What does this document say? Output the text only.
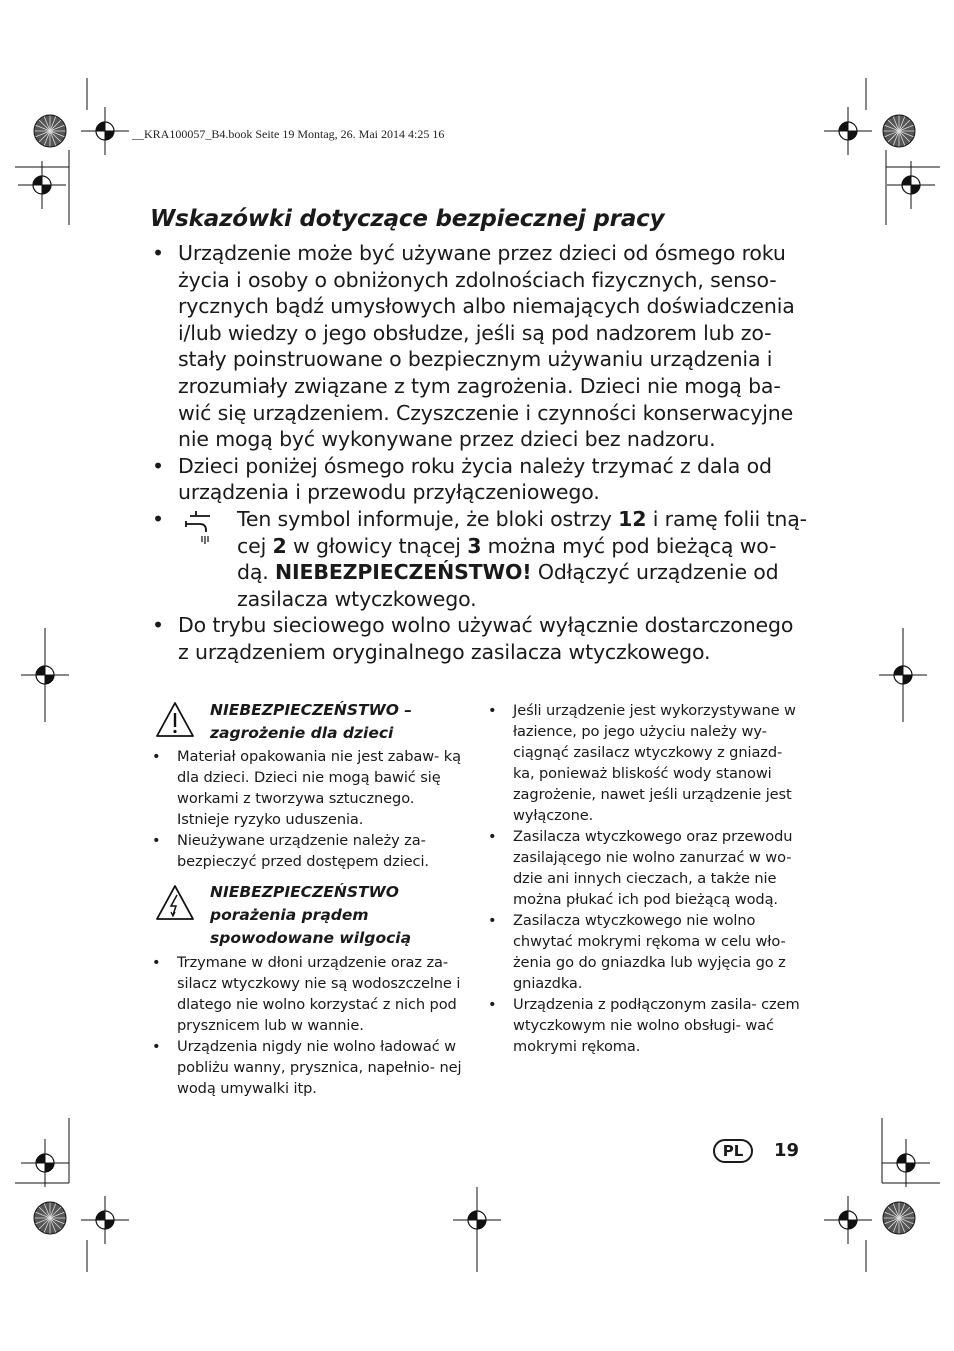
__KRA100057_B4.book Seite 19 Montag, 26. Mai 2014 4:25 16
Wskazówki dotyczące bezpiecznej pracy
• Urządzenie może być używane przez dzieci od ósmego roku życia i osoby o obniżonych zdolnościach fizycznych, senso- rycznych bądź umysłowych albo niemających doświadczenia i/lub wiedzy o jego obsłudze, jeśli są pod nadzorem lub zo- stały poinstruowane o bezpiecznym używaniu urządzenia i zrozumiały związane z tym zagrożenia. Dzieci nie mogą ba- wić się urządzeniem. Czyszczenie i czynności konserwacyjne nie mogą być wykonywane przez dzieci bez nadzoru.
• Dzieci poniżej ósmego roku życia należy trzymać z dala od urządzenia i przewodu przyłączeniowego.
•	Ten symbol informuje, że bloki ostrzy 12 i ramę folii tną- cej 2 w głowicy tnącej 3 można myć pod bieżącą wo- dą. NIEBEZPIECZEŃSTWO! Odłączyć urządzenie od zasilacza wtyczkowego.
• Do trybu sieciowego wolno używać wyłącznie dostarczonego z urządzeniem oryginalnego zasilacza wtyczkowego.
NIEBEZPIECZEŃSTWO –
zagrożenie dla dzieci
• Materiał opakowania nie jest zabaw- ką dla dzieci. Dzieci nie mogą bawić się workami z tworzywa sztucznego. Istnieje ryzyko uduszenia.
• Nieużywane urządzenie należy za- bezpieczyć przed dostępem dzieci.
NIEBEZPIECZEŃSTWO
porażenia prądem
spowodowane wilgocią
• Trzymane w dłoni urządzenie oraz za- silacz wtyczkowy nie są wodoszczelne i dlatego nie wolno korzystać z nich pod prysznicem lub w wannie.
• Urządzenia nigdy nie wolno ładować w pobliżu wanny, prysznica, napełnio- nej wodą umywalki itp.
• Jeśli urządzenie jest wykorzystywane w łazience, po jego użyciu należy wy- ciągnąć zasilacz wtyczkowy z gniazd- ka, ponieważ bliskość wody stanowi zagrożenie, nawet jeśli urządzenie jest wyłączone.
• Zasilacza wtyczkowego oraz przewodu zasilającego nie wolno zanurzać w wo- dzie ani innych cieczach, a także nie można płukać ich pod bieżącą wodą.
• Zasilacza wtyczkowego nie wolno chwytać mokrymi rękoma w celu wło- żenia go do gniazdka lub wyjęcia go z gniazdka.
• Urządzenia z podłączonym zasila- czem wtyczkowym nie wolno obsługi- wać mokrymi rękoma.
PL	19
